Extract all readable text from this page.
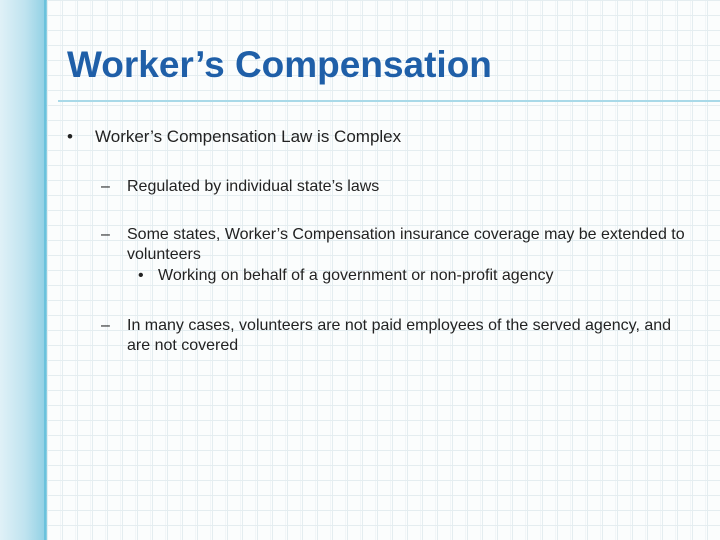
Worker’s Compensation
• Worker’s Compensation Law is Complex
– Regulated by individual state’s laws
– Some states, Worker’s Compensation insurance coverage may be extended to volunteers
• Working on behalf of a government or non-profit agency
– In many cases, volunteers are not paid employees of the served agency, and are not covered
